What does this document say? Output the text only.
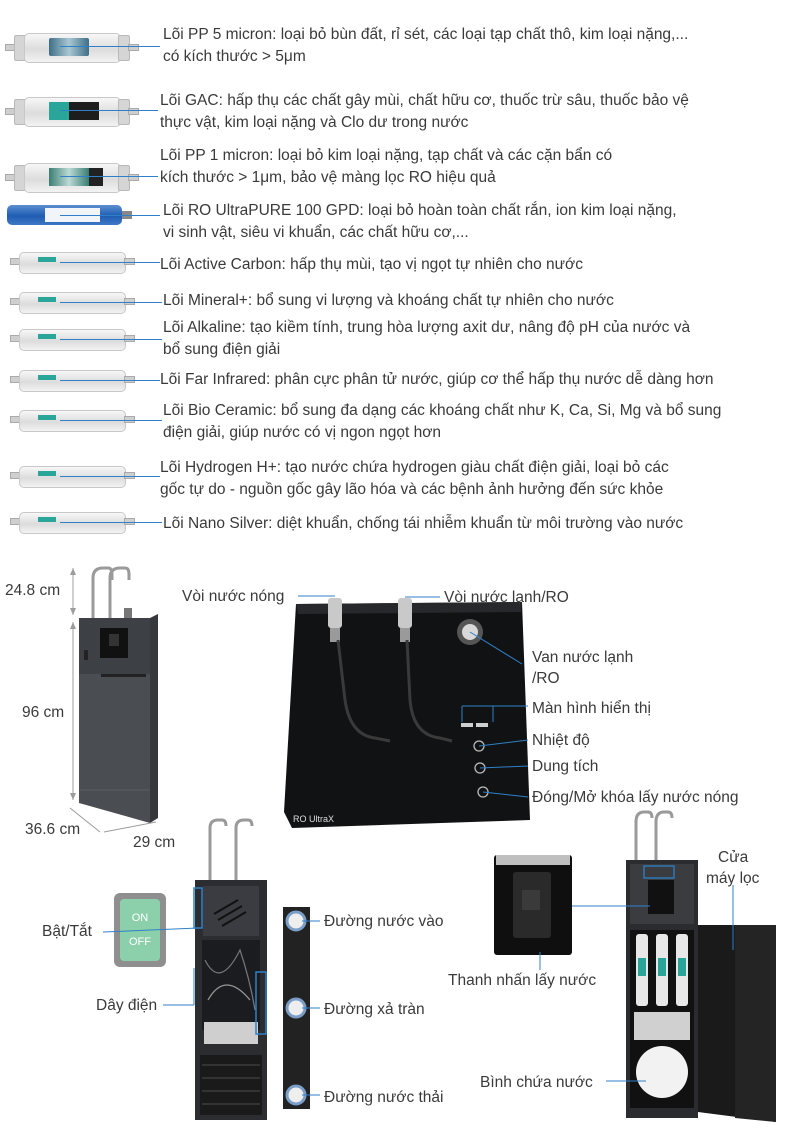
Lõi PP 5 micron: loại bỏ bùn đất, rỉ sét, các loại tạp chất thô, kim loại nặng,...
có kích thước > 5μm
Lõi GAC: hấp thụ các chất gây mùi, chất hữu cơ, thuốc trừ sâu, thuốc bảo vệ
thực vật, kim loại nặng và Clo dư trong nước
Lõi PP 1 micron: loại bỏ kim loại nặng, tạp chất và các cặn bẩn có
kích thước > 1μm, bảo vệ màng lọc RO hiệu quả
Lõi RO UltraPURE 100 GPD: loại bỏ hoàn toàn chất rắn, ion kim loại nặng,
vi sinh vật, siêu vi khuẩn, các chất hữu cơ,...
Lõi Active Carbon: hấp thụ mùi, tạo vị ngọt tự nhiên cho nước
Lõi Mineral+: bổ sung vi lượng và khoáng chất tự nhiên cho nước
Lõi Alkaline: tạo kiềm tính, trung hòa lượng axit dư, nâng độ pH của nước và
bổ sung điện giải
Lõi Far Infrared: phân cực phân tử nước, giúp cơ thể hấp thụ nước dễ dàng hơn
Lõi Bio Ceramic: bổ sung đa dạng các khoáng chất như K, Ca, Si, Mg và bổ sung
điện giải, giúp nước có vị ngon ngọt hơn
Lõi Hydrogen H+: tạo nước chứa hydrogen giàu chất điện giải, loại bỏ các
gốc tự do - nguồn gốc gây lão hóa và các bệnh ảnh hưởng đến sức khỏe
Lõi Nano Silver: diệt khuẩn, chống tái nhiễm khuẩn từ môi trường vào nước
24.8 cm
96 cm
36.6 cm
29 cm
RO UltraX
Vòi nước nóng	Vòi nước lạnh/RO
Van nước lạnh
/RO
Màn hình hiển thị
Nhiệt độ
Dung tích
Đóng/Mở khóa lấy nước nóng
ON
OFF
Bật/Tắt
Dây điện
Đường nước vào
Đường xả tràn
Đường nước thải
Cửa
máy lọc
Thanh nhấn lấy nước
Bình chứa nước
